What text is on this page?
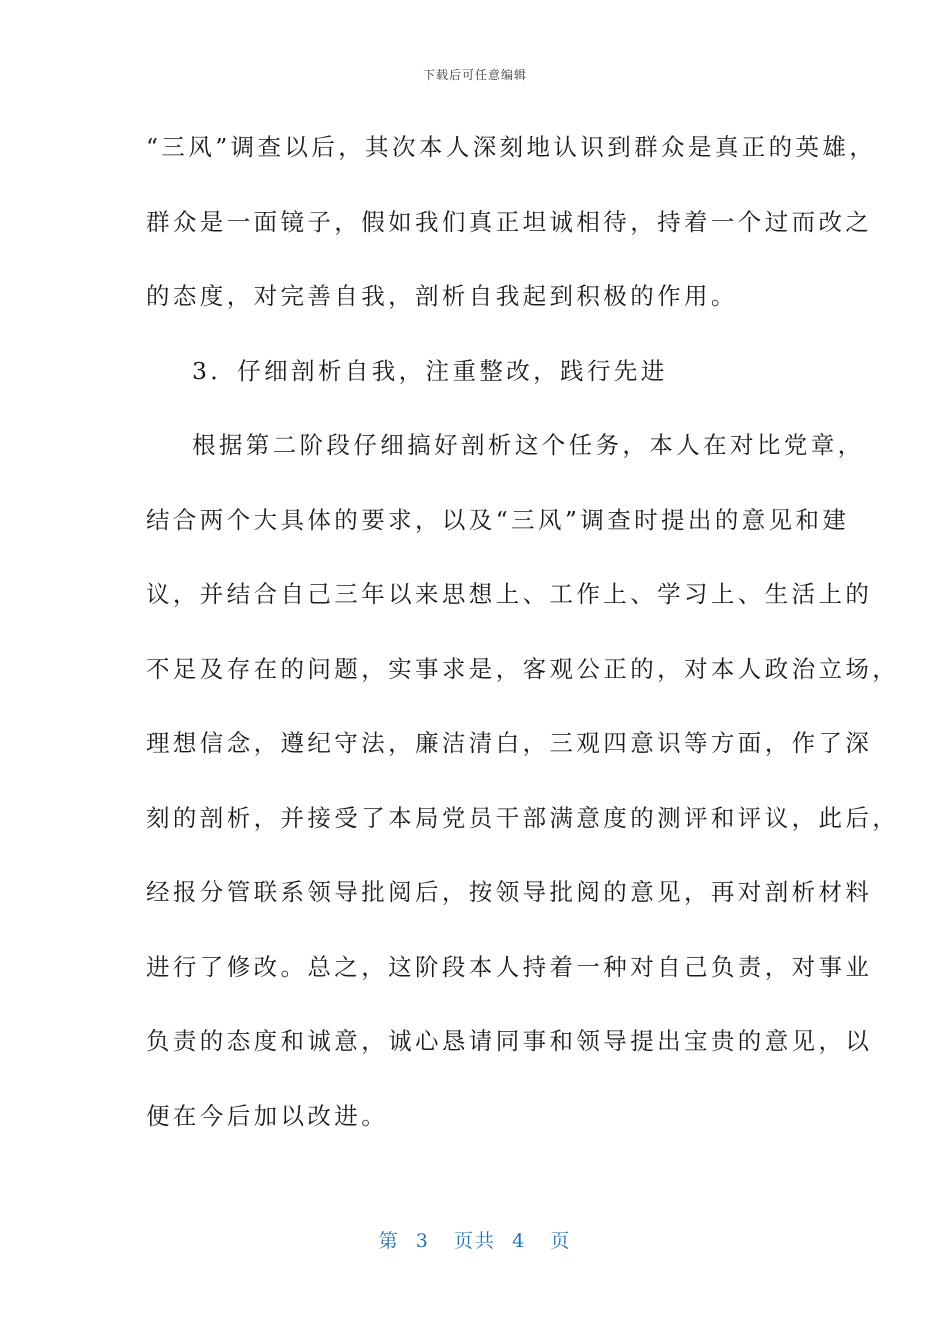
下载后可任意编辑
“三风”调查以后，其次本人深刻地认识到群众是真正的英雄，
群众是一面镜子，假如我们真正坦诚相待，持着一个过而改之
的态度，对完善自我，剖析自我起到积极的作用。
3．仔细剖析自我，注重整改，践行先进
根据第二阶段仔细搞好剖析这个任务，本人在对比党章，
结合两个大具体的要求，以及“三风”调查时提出的意见和建
议，并结合自己三年以来思想上、工作上、学习上、生活上的
不足及存在的问题，实事求是，客观公正的，对本人政治立场，
理想信念，遵纪守法，廉洁清白，三观四意识等方面，作了深
刻的剖析，并接受了本局党员干部满意度的测评和评议，此后，
经报分管联系领导批阅后，按领导批阅的意见，再对剖析材料
进行了修改。总之，这阶段本人持着一种对自己负责，对事业
负责的态度和诚意，诚心恳请同事和领导提出宝贵的意见，以
便在今后加以改进。
第 3 页共 4 页
